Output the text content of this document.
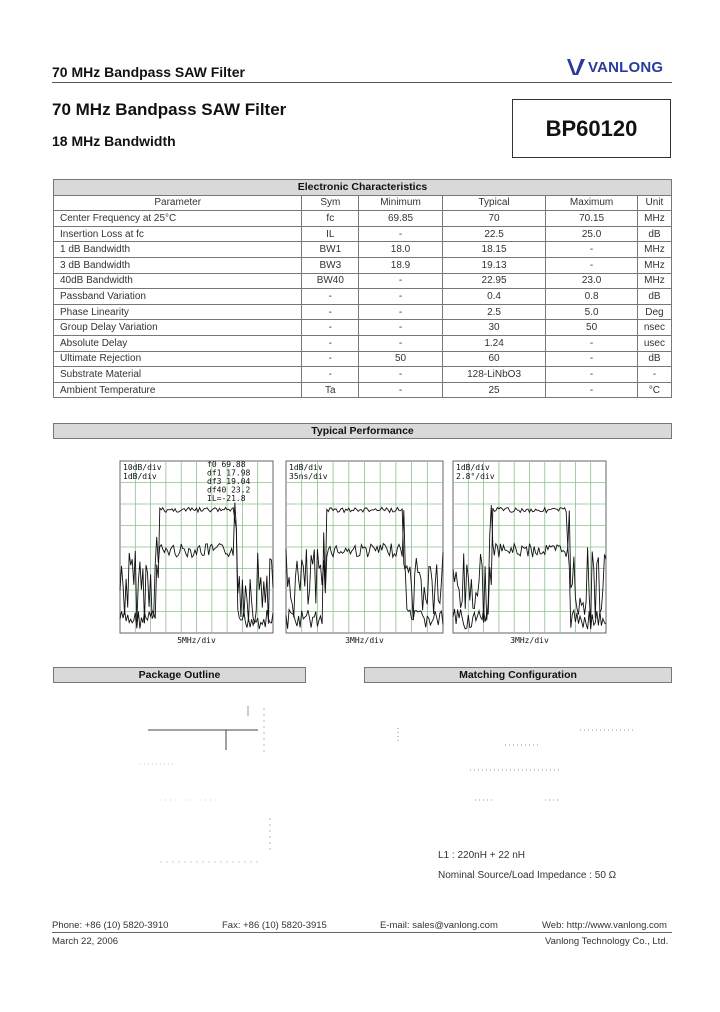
70 MHz Bandpass SAW Filter	VANLONG
70 MHz Bandpass SAW Filter
18 MHz Bandwidth
BP60120
Electronic Characteristics					
Parameter	Sym	Minimum	Typical	Maximum	Unit
Center Frequency at 25°C	fc	69.85	70	70.15	MHz
Insertion Loss at fc	IL	-	22.5	25.0	dB
1 dB Bandwidth	BW1	18.0	18.15	-	MHz
3 dB Bandwidth	BW3	18.9	19.13	-	MHz
40dB Bandwidth	BW40	-	22.95	23.0	MHz
Passband Variation	-	-	0.4	0.8	dB
Phase Linearity	-	-	2.5	5.0	Deg
Group Delay Variation	-	-	30	50	nsec
Absolute Delay	-	-	1.24	-	usec
Ultimate Rejection	-	50	60	-	dB
Substrate Material	-	-	128-LiNbO3	-	-
Ambient Temperature	Ta	-	25	-	°C
Typical Performance
10dB/div
1dB/div
f0 69.88
df1 17.98
df3 19.04
df40 23.2
IL=-21.8
5MHz/div
1dB/div
35ns/div
3MHz/div
1dB/div
2.8°/div
3MHz/div
Package Outline	Matching Configuration
L1 : 220nH + 22 nH
Nominal Source/Load Impedance : 50 Ω
Phone: +86 (10) 5820-3910	Fax: +86 (10) 5820-3915	E-mail: sales@vanlong.com	Web: http://www.vanlong.com
March 22, 2006	Vanlong Technology Co., Ltd.
